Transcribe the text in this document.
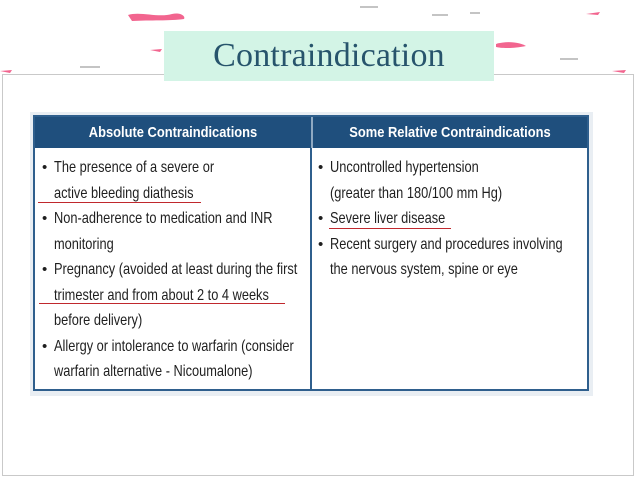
Contraindication
Absolute Contraindications	Some Relative Contraindications
• The presence of a severe or
active bleeding diathesis
• Non-adherence to medication and INR
monitoring
• Pregnancy (avoided at least during the first
trimester and from about 2 to 4 weeks
before delivery)
• Allergy or intolerance to warfarin (consider
warfarin alternative - Nicoumalone)
• Uncontrolled hypertension
(greater than 180/100 mm Hg)
• Severe liver disease
• Recent surgery and procedures involving
the nervous system, spine or eye
